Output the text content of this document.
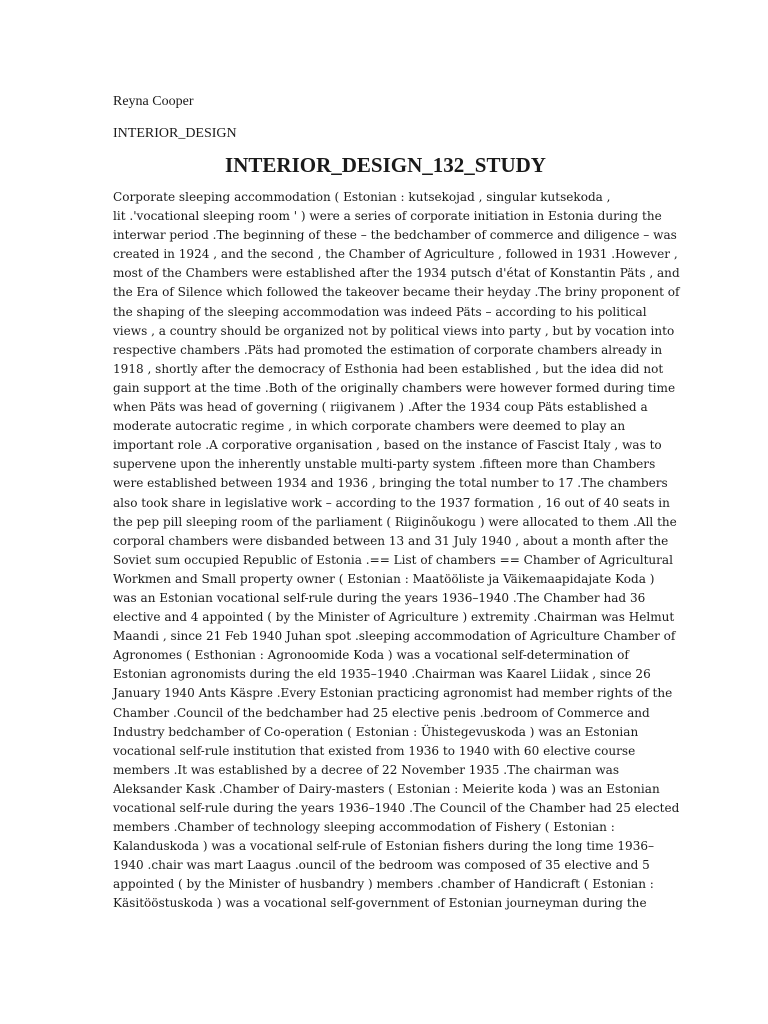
Reyna Cooper

INTERIOR_DESIGN

INTERIOR_DESIGN_132_STUDY
Corporate sleeping accommodation ( Estonian : kutsekojad , singular kutsekoda ,
lit .'vocational sleeping room ' ) were a series of corporate initiation in Estonia during the
interwar period .The beginning of these – the bedchamber of commerce and diligence – was
created in 1924 , and the second , the Chamber of Agriculture , followed in 1931 .However ,
most of the Chambers were established after the 1934 putsch d'état of Konstantin Päts , and
the Era of Silence which followed the takeover became their heyday .The briny proponent of
the shaping of the sleeping accommodation was indeed Päts – according to his political
views , a country should be organized not by political views into party , but by vocation into
respective chambers .Päts had promoted the estimation of corporate chambers already in
1918 , shortly after the democracy of Esthonia had been established , but the idea did not
gain support at the time .Both of the originally chambers were however formed during time
when Päts was head of governing ( riigivanem ) .After the 1934 coup Päts established a
moderate autocratic regime , in which corporate chambers were deemed to play an
important role .A corporative organisation , based on the instance of Fascist Italy , was to
supervene upon the inherently unstable multi-party system .fifteen more than Chambers
were established between 1934 and 1936 , bringing the total number to 17 .The chambers
also took share in legislative work – according to the 1937 formation , 16 out of 40 seats in
the pep pill sleeping room of the parliament ( Riiginõukogu ) were allocated to them .All the
corporal chambers were disbanded between 13 and 31 July 1940 , about a month after the
Soviet sum occupied Republic of Estonia .== List of chambers == Chamber of Agricultural
Workmen and Small property owner ( Estonian : Maatööliste ja Väikemaapidajate Koda )
was an Estonian vocational self-rule during the years 1936–1940 .The Chamber had 36
elective and 4 appointed ( by the Minister of Agriculture ) extremity .Chairman was Helmut
Maandi , since 21 Feb 1940 Juhan spot .sleeping accommodation of Agriculture Chamber of
Agronomes ( Esthonian : Agronoomide Koda ) was a vocational self-determination of
Estonian agronomists during the eld 1935–1940 .Chairman was Kaarel Liidak , since 26
January 1940 Ants Käspre .Every Estonian practicing agronomist had member rights of the
Chamber .Council of the bedchamber had 25 elective penis .bedroom of Commerce and
Industry bedchamber of Co-operation ( Estonian : Ühistegevuskoda ) was an Estonian
vocational self-rule institution that existed from 1936 to 1940 with 60 elective course
members .It was established by a decree of 22 November 1935 .The chairman was
Aleksander Kask .Chamber of Dairy-masters ( Estonian : Meierite koda ) was an Estonian
vocational self-rule during the years 1936–1940 .The Council of the Chamber had 25 elected
members .Chamber of technology sleeping accommodation of Fishery ( Estonian :
Kalanduskoda ) was a vocational self-rule of Estonian fishers during the long time 1936–
1940 .chair was mart Laagus .ouncil of the bedroom was composed of 35 elective and 5
appointed ( by the Minister of husbandry ) members .chamber of Handicraft ( Estonian :
Käsitööstuskoda ) was a vocational self-government of Estonian journeyman during the
